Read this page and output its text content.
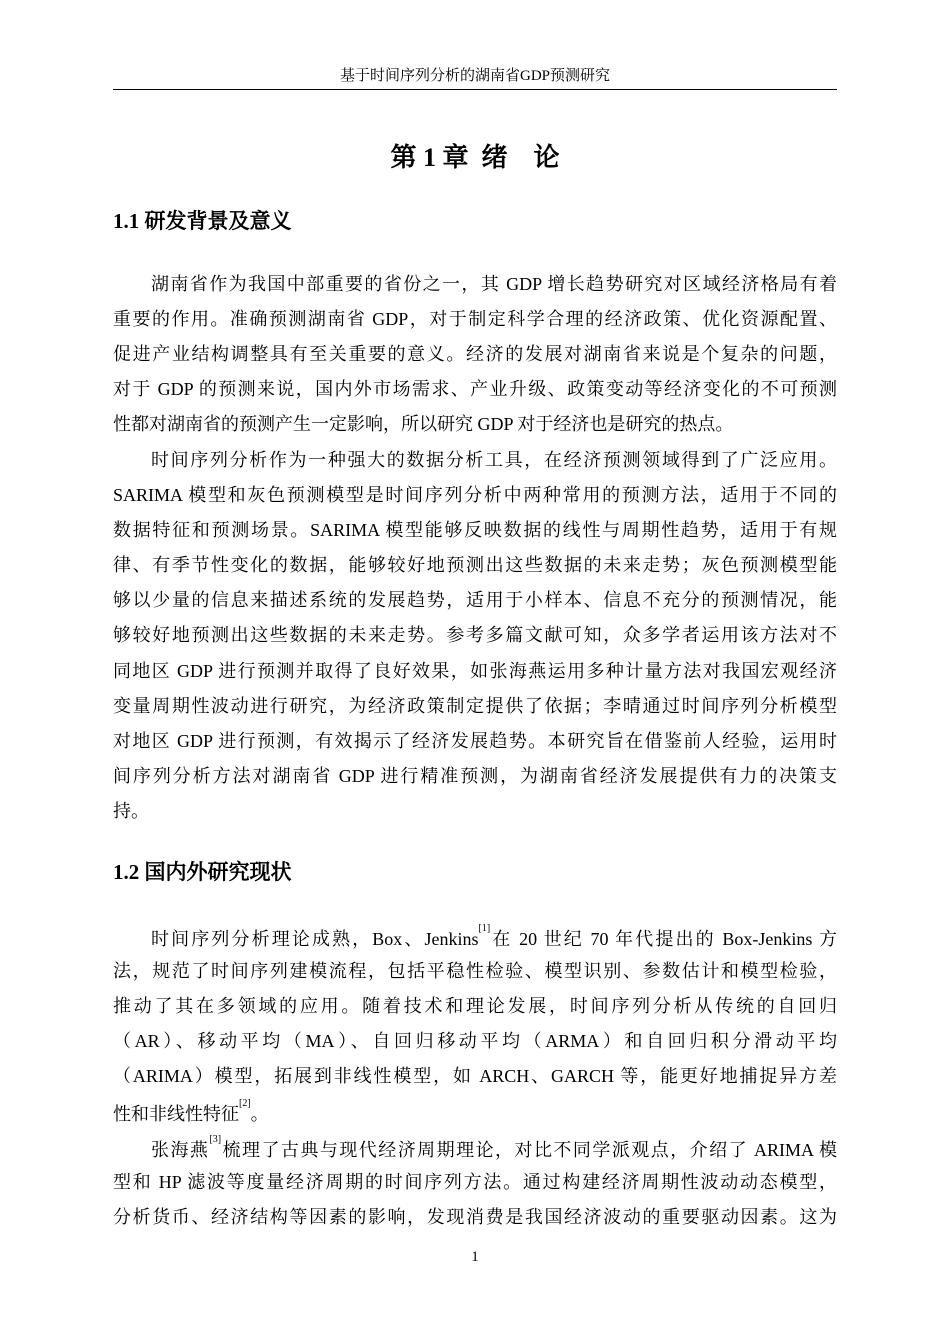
基于时间序列分析的湖南省GDP预测研究
第 1 章  绪    论
1.1 研发背景及意义
湖南省作为我国中部重要的省份之一，其 GDP 增长趋势研究对区域经济格局有着
重要的作用。准确预测湖南省 GDP，对于制定科学合理的经济政策、优化资源配置、
促进产业结构调整具有至关重要的意义。经济的发展对湖南省来说是个复杂的问题，
对于 GDP 的预测来说，国内外市场需求、产业升级、政策变动等经济变化的不可预测
性都对湖南省的预测产生一定影响，所以研究 GDP 对于经济也是研究的热点。
时间序列分析作为一种强大的数据分析工具，在经济预测领域得到了广泛应用。
SARIMA 模型和灰色预测模型是时间序列分析中两种常用的预测方法，适用于不同的
数据特征和预测场景。SARIMA 模型能够反映数据的线性与周期性趋势，适用于有规
律、有季节性变化的数据，能够较好地预测出这些数据的未来走势；灰色预测模型能
够以少量的信息来描述系统的发展趋势，适用于小样本、信息不充分的预测情况，能
够较好地预测出这些数据的未来走势。参考多篇文献可知，众多学者运用该方法对不
同地区 GDP 进行预测并取得了良好效果，如张海燕运用多种计量方法对我国宏观经济
变量周期性波动进行研究，为经济政策制定提供了依据；李晴通过时间序列分析模型
对地区 GDP 进行预测，有效揭示了经济发展趋势。本研究旨在借鉴前人经验，运用时
间序列分析方法对湖南省 GDP 进行精准预测，为湖南省经济发展提供有力的决策支
持。
1.2 国内外研究现状
时间序列分析理论成熟，Box、Jenkins[1]在 20 世纪 70 年代提出的 Box-Jenkins 方
法，规范了时间序列建模流程，包括平稳性检验、模型识别、参数估计和模型检验，
推动了其在多领域的应用。随着技术和理论发展，时间序列分析从传统的自回归
（AR）、移动平均（MA）、自回归移动平均（ARMA）和自回归积分滑动平均
（ARIMA）模型，拓展到非线性模型，如 ARCH、GARCH 等，能更好地捕捉异方差
性和非线性特征[2]。
张海燕[3]梳理了古典与现代经济周期理论，对比不同学派观点，介绍了 ARIMA 模
型和 HP 滤波等度量经济周期的时间序列方法。通过构建经济周期性波动动态模型，
分析货币、经济结构等因素的影响，发现消费是我国经济波动的重要驱动因素。这为
1
